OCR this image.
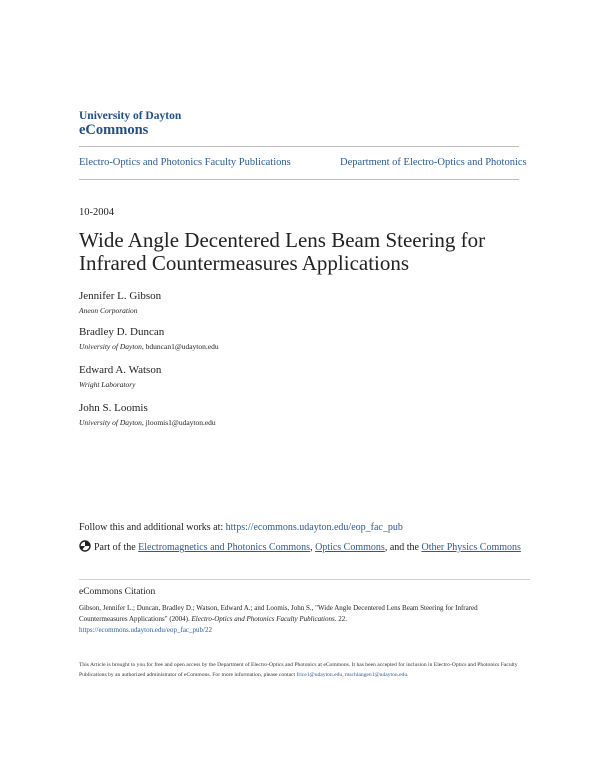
University of Dayton
eCommons
Electro-Optics and Photonics Faculty Publications	Department of Electro-Optics and Photonics
10-2004
Wide Angle Decentered Lens Beam Steering for Infrared Countermeasures Applications
Jennifer L. Gibson
Aneon Corporation
Bradley D. Duncan
University of Dayton, bduncan1@udayton.edu
Edward A. Watson
Wright Laboratory
John S. Loomis
University of Dayton, jloomis1@udayton.edu
Follow this and additional works at: https://ecommons.udayton.edu/eop_fac_pub
Part of the Electromagnetics and Photonics Commons, Optics Commons, and the Other Physics Commons
eCommons Citation
Gibson, Jennifer L.; Duncan, Bradley D.; Watson, Edward A.; and Loomis, John S., "Wide Angle Decentered Lens Beam Steering for Infrared Countermeasures Applications" (2004). Electro-Optics and Photonics Faculty Publications. 22.
https://ecommons.udayton.edu/eop_fac_pub/22
This Article is brought to you for free and open access by the Department of Electro-Optics and Photonics at eCommons. It has been accepted for inclusion in Electro-Optics and Photonics Faculty Publications by an authorized administrator of eCommons. For more information, please contact frice1@udayton.edu, mschlangen1@udayton.edu.
